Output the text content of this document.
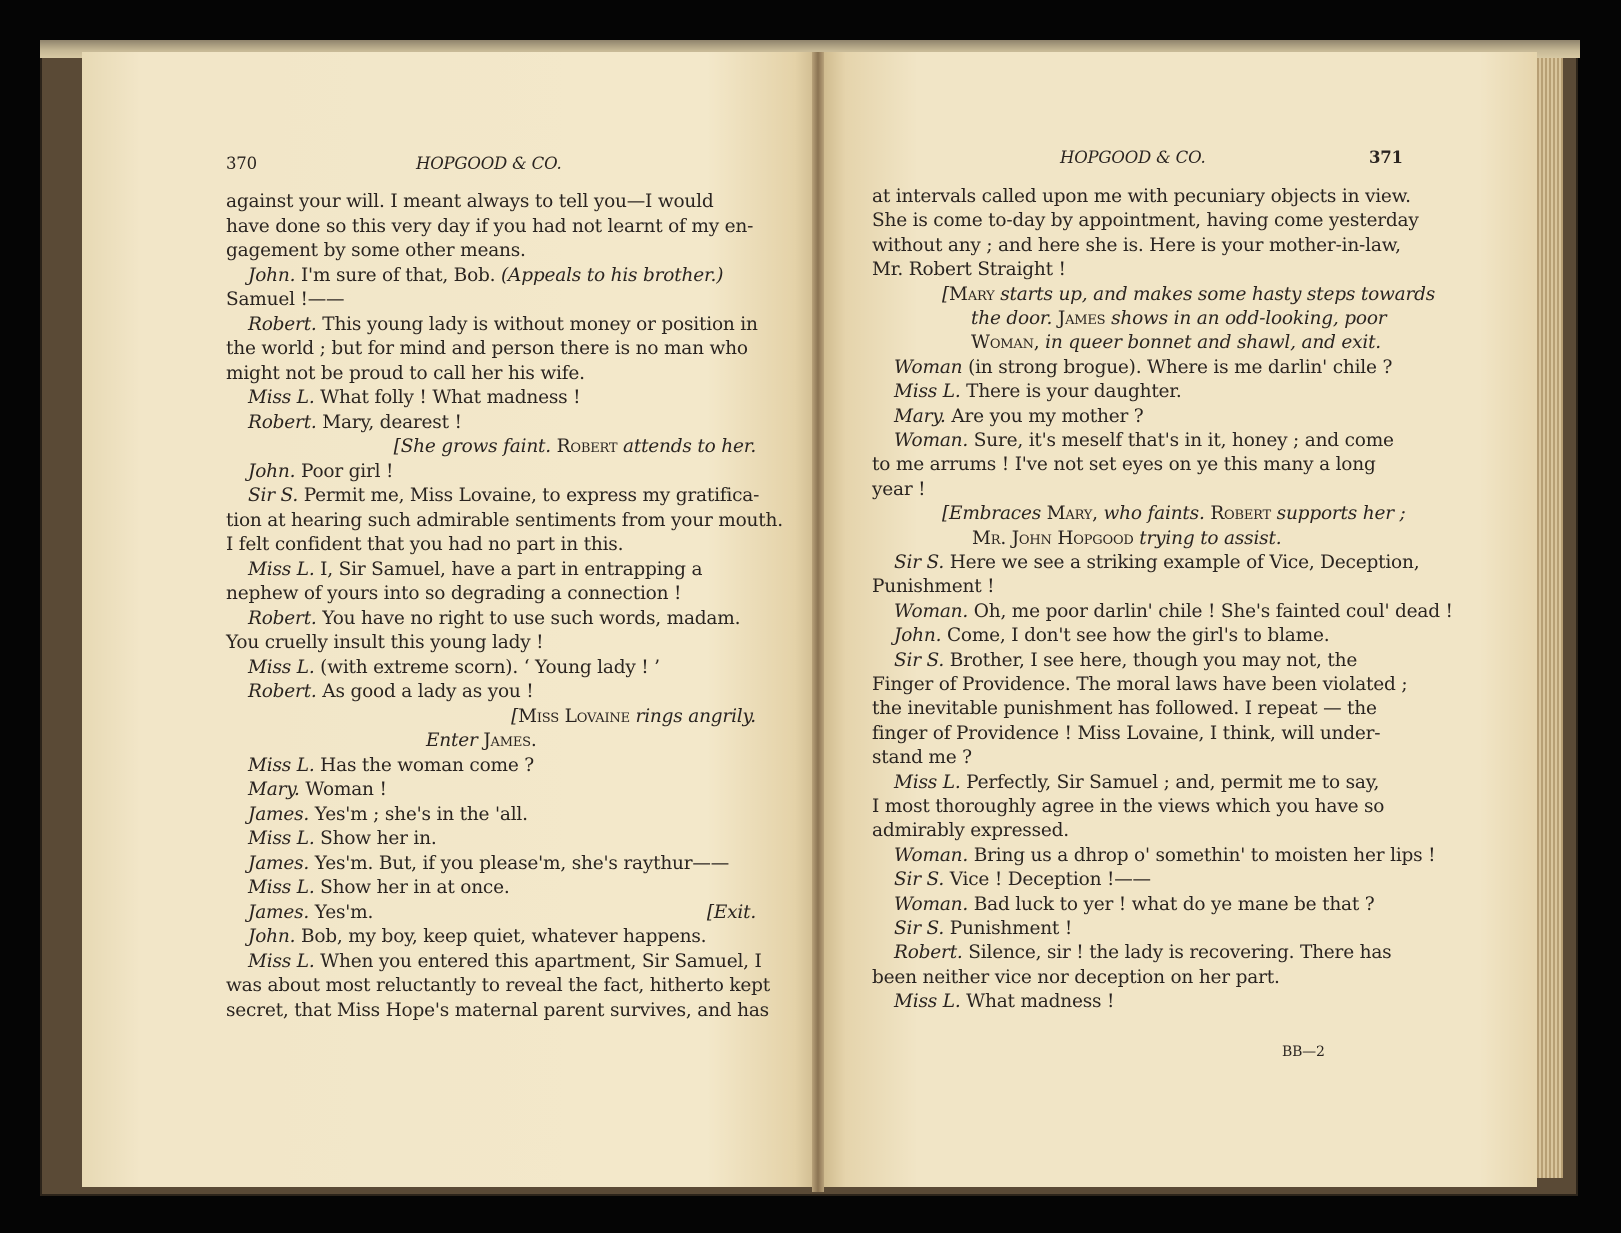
370	HOPGOOD & CO.	HOPGOOD & CO.	371
against your will. I meant always to tell you—I would
have done so this very day if you had not learnt of my en-
gagement by some other means.
John. I'm sure of that, Bob. (Appeals to his brother.)
Samuel !——
Robert. This young lady is without money or position in
the world ; but for mind and person there is no man who
might not be proud to call her his wife.
Miss L. What folly ! What madness !
Robert. Mary, dearest !
[She grows faint. Robert attends to her.
John. Poor girl !
Sir S. Permit me, Miss Lovaine, to express my gratifica-
tion at hearing such admirable sentiments from your mouth.
I felt confident that you had no part in this.
Miss L. I, Sir Samuel, have a part in entrapping a
nephew of yours into so degrading a connection !
Robert. You have no right to use such words, madam.
You cruelly insult this young lady !
Miss L. (with extreme scorn). ‘ Young lady ! ’
Robert. As good a lady as you !
[Miss Lovaine rings angrily.
Enter James.
Miss L. Has the woman come ?
Mary. Woman !
James. Yes'm ; she's in the 'all.
Miss L. Show her in.
James. Yes'm. But, if you please'm, she's raythur——
Miss L. Show her in at once.
[Exit.
James. Yes'm.
John. Bob, my boy, keep quiet, whatever happens.
Miss L. When you entered this apartment, Sir Samuel, I
was about most reluctantly to reveal the fact, hitherto kept
secret, that Miss Hope's maternal parent survives, and has
at intervals called upon me with pecuniary objects in view.
She is come to-day by appointment, having come yesterday
without any ; and here she is. Here is your mother-in-law,
Mr. Robert Straight !
[Mary starts up, and makes some hasty steps towards
the door. James shows in an odd-looking, poor
Woman, in queer bonnet and shawl, and exit.
Woman (in strong brogue). Where is me darlin' chile ?
Miss L. There is your daughter.
Mary. Are you my mother ?
Woman. Sure, it's meself that's in it, honey ; and come
to me arrums ! I've not set eyes on ye this many a long
year !
[Embraces Mary, who faints. Robert supports her ;
Mr. John Hopgood trying to assist.
Sir S. Here we see a striking example of Vice, Deception,
Punishment !
Woman. Oh, me poor darlin' chile ! She's fainted coul' dead !
John. Come, I don't see how the girl's to blame.
Sir S. Brother, I see here, though you may not, the
Finger of Providence. The moral laws have been violated ;
the inevitable punishment has followed. I repeat — the
finger of Providence ! Miss Lovaine, I think, will under-
stand me ?
Miss L. Perfectly, Sir Samuel ; and, permit me to say,
I most thoroughly agree in the views which you have so
admirably expressed.
Woman. Bring us a dhrop o' somethin' to moisten her lips !
Sir S. Vice ! Deception !——
Woman. Bad luck to yer ! what do ye mane be that ?
Sir S. Punishment !
Robert. Silence, sir ! the lady is recovering. There has
been neither vice nor deception on her part.
Miss L. What madness !
BB—2
